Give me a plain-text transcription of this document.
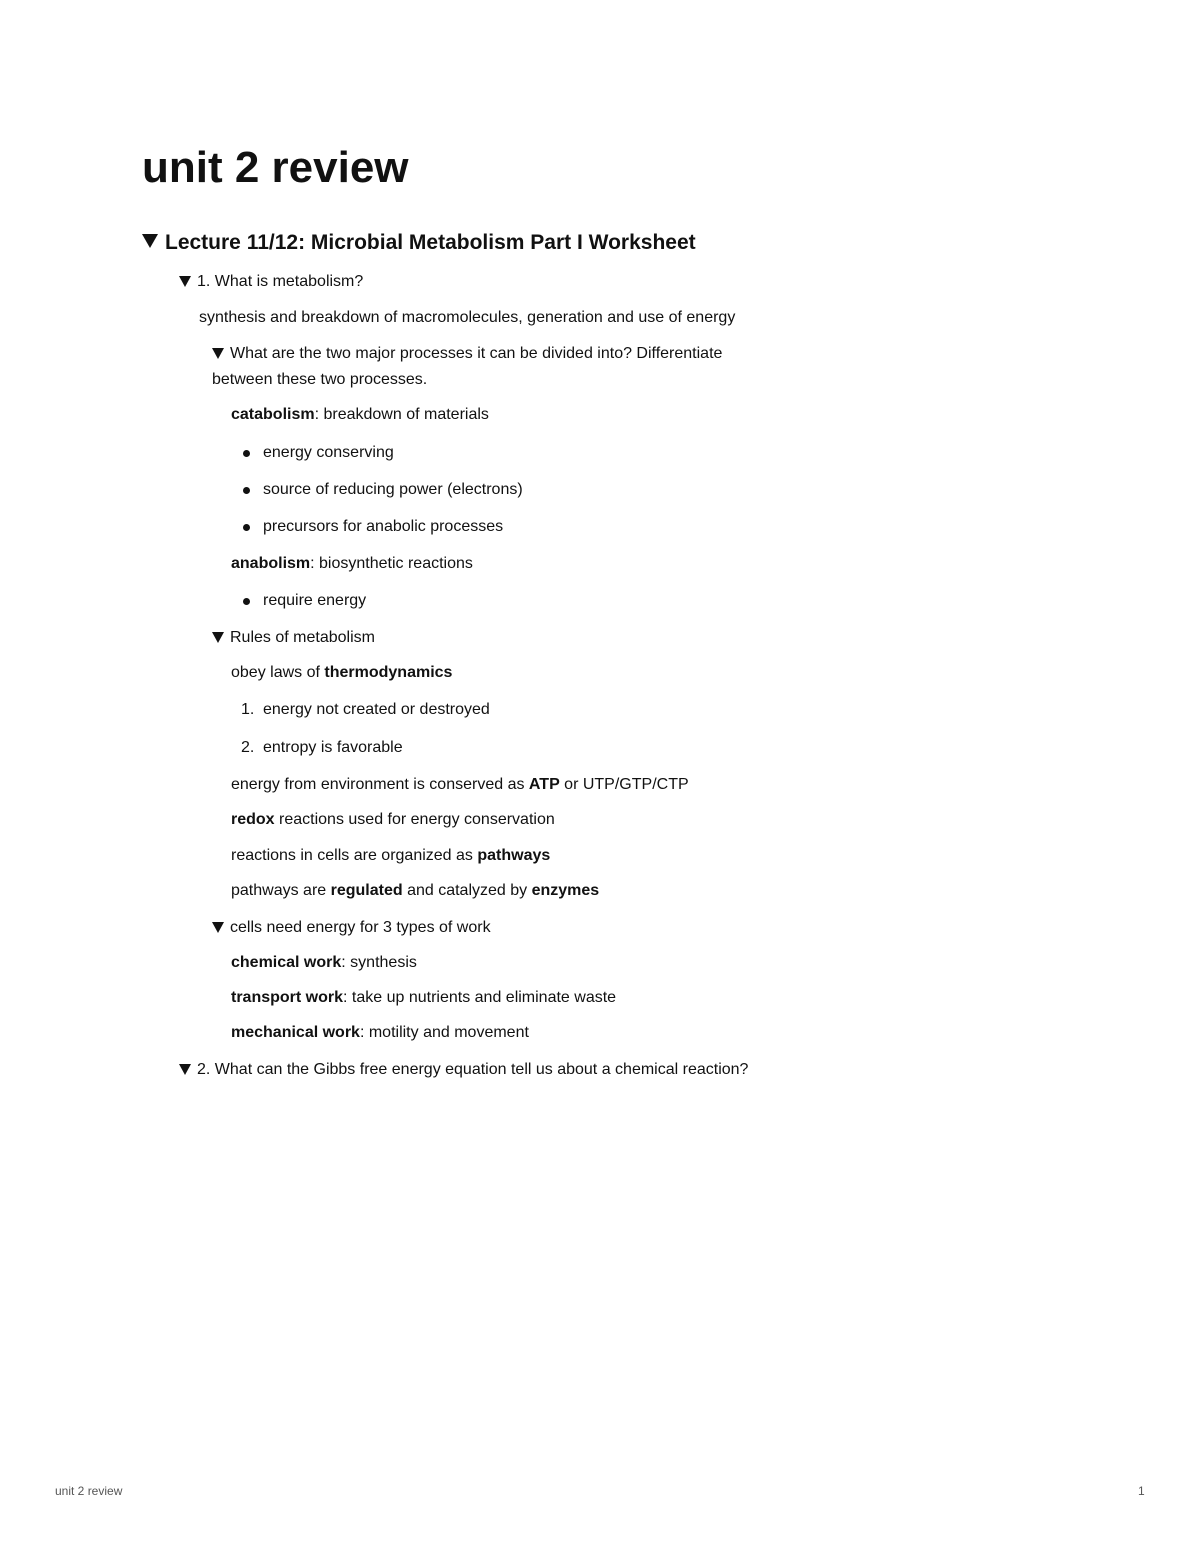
unit 2 review
Lecture 11/12: Microbial Metabolism Part I Worksheet
1. What is metabolism?
synthesis and breakdown of macromolecules, generation and use of energy
What are the two major processes it can be divided into? Differentiate
between these two processes.
catabolism: breakdown of materials
energy conserving
source of reducing power (electrons)
precursors for anabolic processes
anabolism: biosynthetic reactions
require energy
Rules of metabolism
obey laws of thermodynamics
1. energy not created or destroyed
2. entropy is favorable
energy from environment is conserved as ATP or UTP/GTP/CTP
redox reactions used for energy conservation
reactions in cells are organized as pathways
pathways are regulated and catalyzed by enzymes
cells need energy for 3 types of work
chemical work: synthesis
transport work: take up nutrients and eliminate waste
mechanical work: motility and movement
2. What can the Gibbs free energy equation tell us about a chemical reaction?
unit 2 review	1
